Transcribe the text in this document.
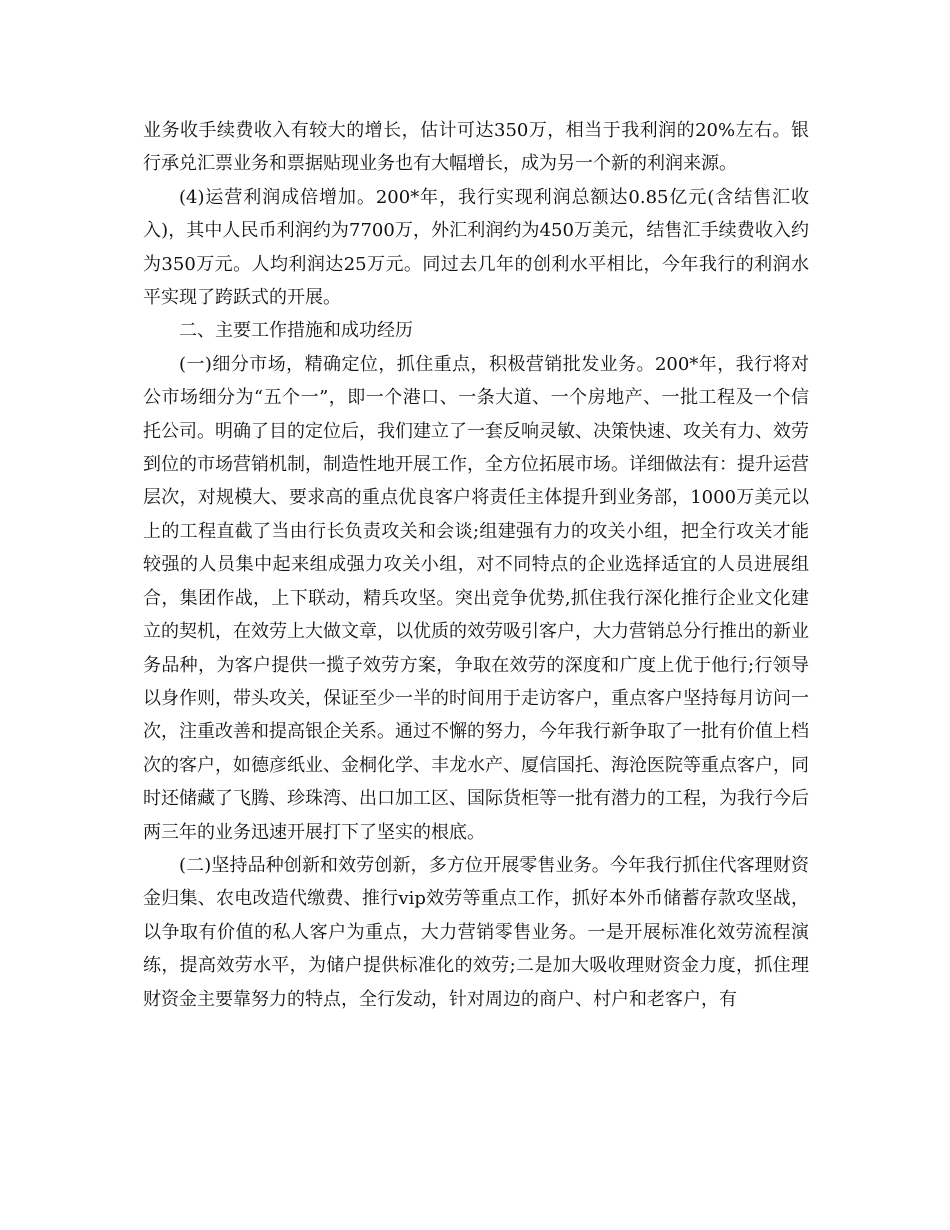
业务收手续费收入有较大的增长，估计可达350万，相当于我利润的20%左右。银行承兑汇票业务和票据贴现业务也有大幅增长，成为另一个新的利润来源。

(4)运营利润成倍增加。200*年，我行实现利润总额达0.85亿元(含结售汇收入)，其中人民币利润约为7700万，外汇利润约为450万美元，结售汇手续费收入约为350万元。人均利润达25万元。同过去几年的创利水平相比，今年我行的利润水平实现了跨跃式的开展。

二、主要工作措施和成功经历

(一)细分市场，精确定位，抓住重点，积极营销批发业务。200*年，我行将对公市场细分为“五个一”，即一个港口、一条大道、一个房地产、一批工程及一个信托公司。明确了目的定位后，我们建立了一套反响灵敏、决策快速、攻关有力、效劳到位的市场营销机制，制造性地开展工作，全方位拓展市场。详细做法有：提升运营层次，对规模大、要求高的重点优良客户将责任主体提升到业务部，1000万美元以上的工程直截了当由行长负责攻关和会谈;组建强有力的攻关小组，把全行攻关才能较强的人员集中起来组成强力攻关小组，对不同特点的企业选择适宜的人员进展组合，集团作战，上下联动，精兵攻坚。突出竞争优势,抓住我行深化推行企业文化建立的契机，在效劳上大做文章，以优质的效劳吸引客户，大力营销总分行推出的新业务品种，为客户提供一揽子效劳方案，争取在效劳的深度和广度上优于他行;行领导以身作则，带头攻关，保证至少一半的时间用于走访客户，重点客户坚持每月访问一次，注重改善和提高银企关系。通过不懈的努力，今年我行新争取了一批有价值上档次的客户，如德彦纸业、金桐化学、丰龙水产、厦信国托、海沧医院等重点客户，同时还储藏了飞腾、珍珠湾、出口加工区、国际货柜等一批有潜力的工程，为我行今后两三年的业务迅速开展打下了坚实的根底。

(二)坚持品种创新和效劳创新，多方位开展零售业务。今年我行抓住代客理财资金归集、农电改造代缴费、推行vip效劳等重点工作，抓好本外币储蓄存款攻坚战，以争取有价值的私人客户为重点，大力营销零售业务。一是开展标准化效劳流程演练，提高效劳水平，为储户提供标准化的效劳;二是加大吸收理财资金力度，抓住理财资金主要靠努力的特点，全行发动，针对周边的商户、村户和老客户，有
